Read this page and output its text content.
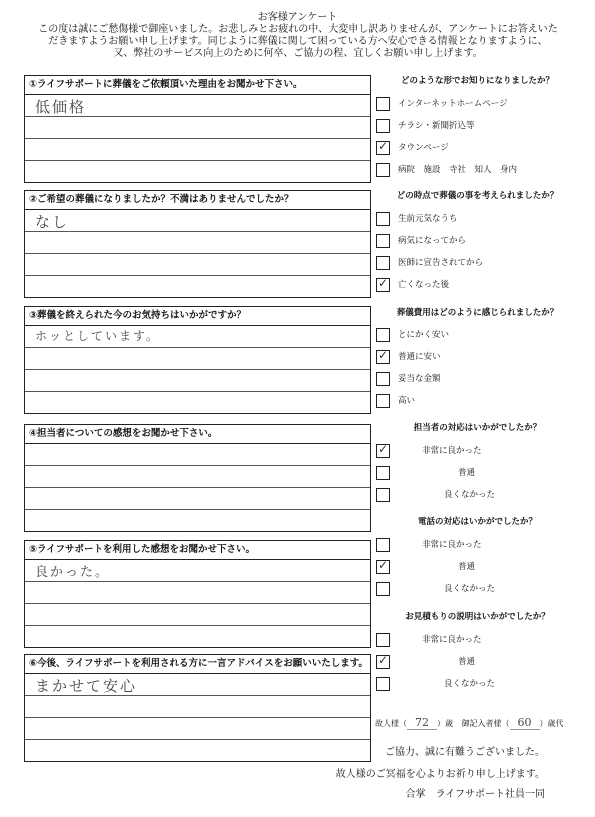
お客様アンケート
この度は誠にご愁傷様で御座いました。お悲しみとお疲れの中、大変申し訳ありませんが、アンケートにお答えいた
だきますようお願い申し上げます。同じように葬儀に関して困っている方へ安心できる情報となりますように、
又、弊社のサービス向上のために何卒、ご協力の程、宜しくお願い申し上げます。
①ライフサポートに葬儀をご依頼頂いた理由をお聞かせ下さい。
低価格
②ご希望の葬儀になりましたか？不満はありませんでしたか？
なし
③葬儀を終えられた今のお気持ちはいかがですか？
ホッとしています。
④担当者についての感想をお聞かせ下さい。
⑤ライフサポートを利用した感想をお聞かせ下さい。
良かった。
⑥今後、ライフサポートを利用される方に一言アドバイスをお願いいたします。
まかせて安心
どのような形でお知りになりましたか？
インターネットホームページ
チラシ・新聞折込等
✓ タウンページ
病院　施設　寺社　知人　身内
どの時点で葬儀の事を考えられましたか？
生前元気なうち
病気になってから
医師に宣告されてから
✓ 亡くなった後
葬儀費用はどのように感じられましたか？
とにかく安い
✓ 普通に安い
妥当な金額
高い
担当者の対応はいかがでしたか？
✓	非常に良かった
普通
良くなかった
電話の対応はいかがでしたか？
非常に良かった
✓	普通
良くなかった
お見積もりの説明はいかがでしたか？
非常に良かった
✓	普通
良くなかった
故人様（ 72 ）歳 御記入者様（ 60 ）歳代
ご協力、誠に有難うございました。
故人様のご冥福を心よりお祈り申し上げます。
合掌　ライフサポート社員一同
